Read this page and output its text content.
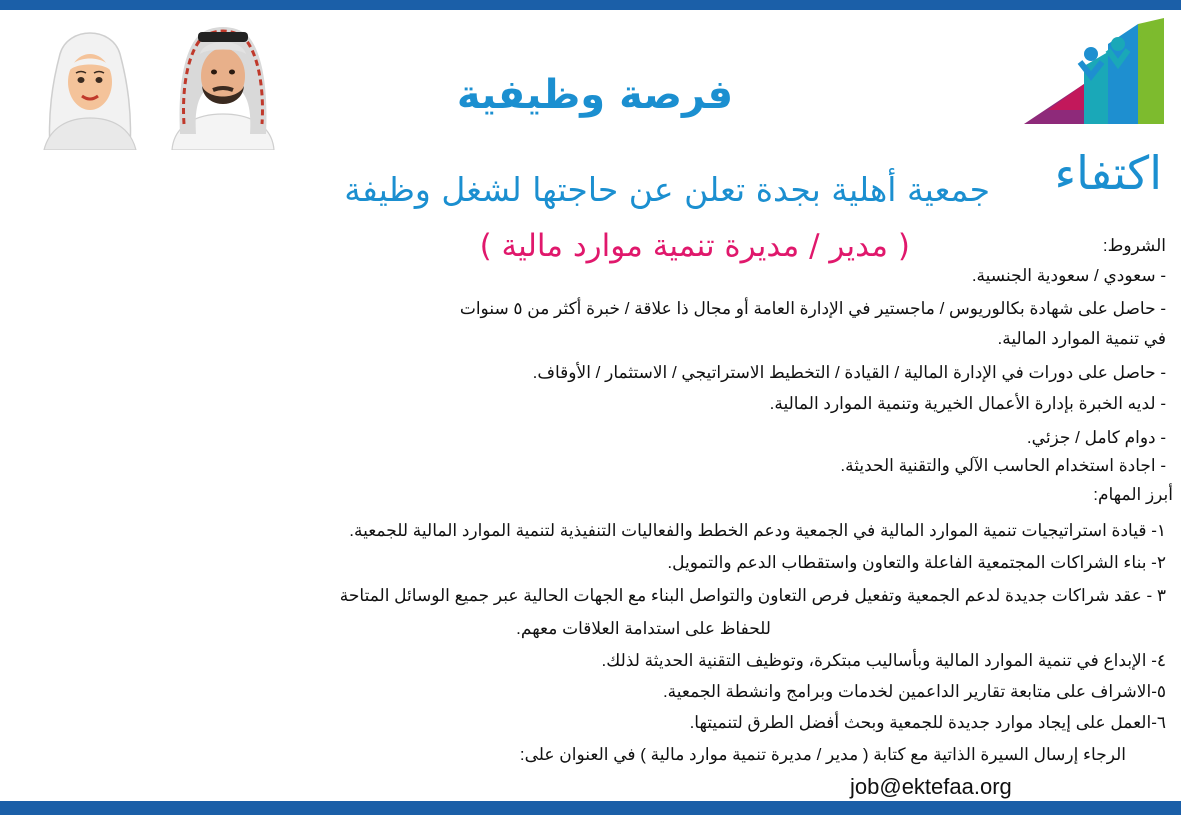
اكتفاء
فرصة وظيفية
جمعية أهلية بجدة تعلن عن حاجتها لشغل وظيفة
( مدير / مديرة تنمية موارد مالية )	الشروط:
- سعودي / سعودية الجنسية.
- حاصل على شهادة بكالوريوس / ماجستير في الإدارة العامة أو مجال ذا علاقة / خبرة أكثر من ٥ سنوات
في تنمية الموارد المالية.
- حاصل على دورات في الإدارة المالية / القيادة / التخطيط الاستراتيجي / الاستثمار / الأوقاف.
- لديه الخبرة بإدارة الأعمال الخيرية وتنمية الموارد المالية.
- دوام كامل / جزئي.
- اجادة استخدام الحاسب الآلي والتقنية الحديثة.
أبرز المهام:
١- قيادة استراتيجيات تنمية الموارد المالية في الجمعية ودعم الخطط والفعاليات التنفيذية لتنمية الموارد المالية للجمعية.
٢- بناء الشراكات المجتمعية الفاعلة والتعاون واستقطاب الدعم والتمويل.
٣ - عقد شراكات جديدة لدعم الجمعية وتفعيل فرص التعاون والتواصل البناء مع الجهات الحالية عبر جميع الوسائل المتاحة
للحفاظ على استدامة العلاقات معهم.
٤- الإبداع في تنمية الموارد المالية وبأساليب مبتكرة، وتوظيف التقنية الحديثة لذلك.
٥-الاشراف على متابعة تقارير الداعمين لخدمات وبرامج وانشطة الجمعية.
٦-العمل على إيجاد موارد جديدة للجمعية وبحث أفضل الطرق لتنميتها.
الرجاء إرسال السيرة الذاتية مع كتابة ( مدير / مديرة تنمية موارد مالية ) في العنوان على:
job@ektefaa.org
